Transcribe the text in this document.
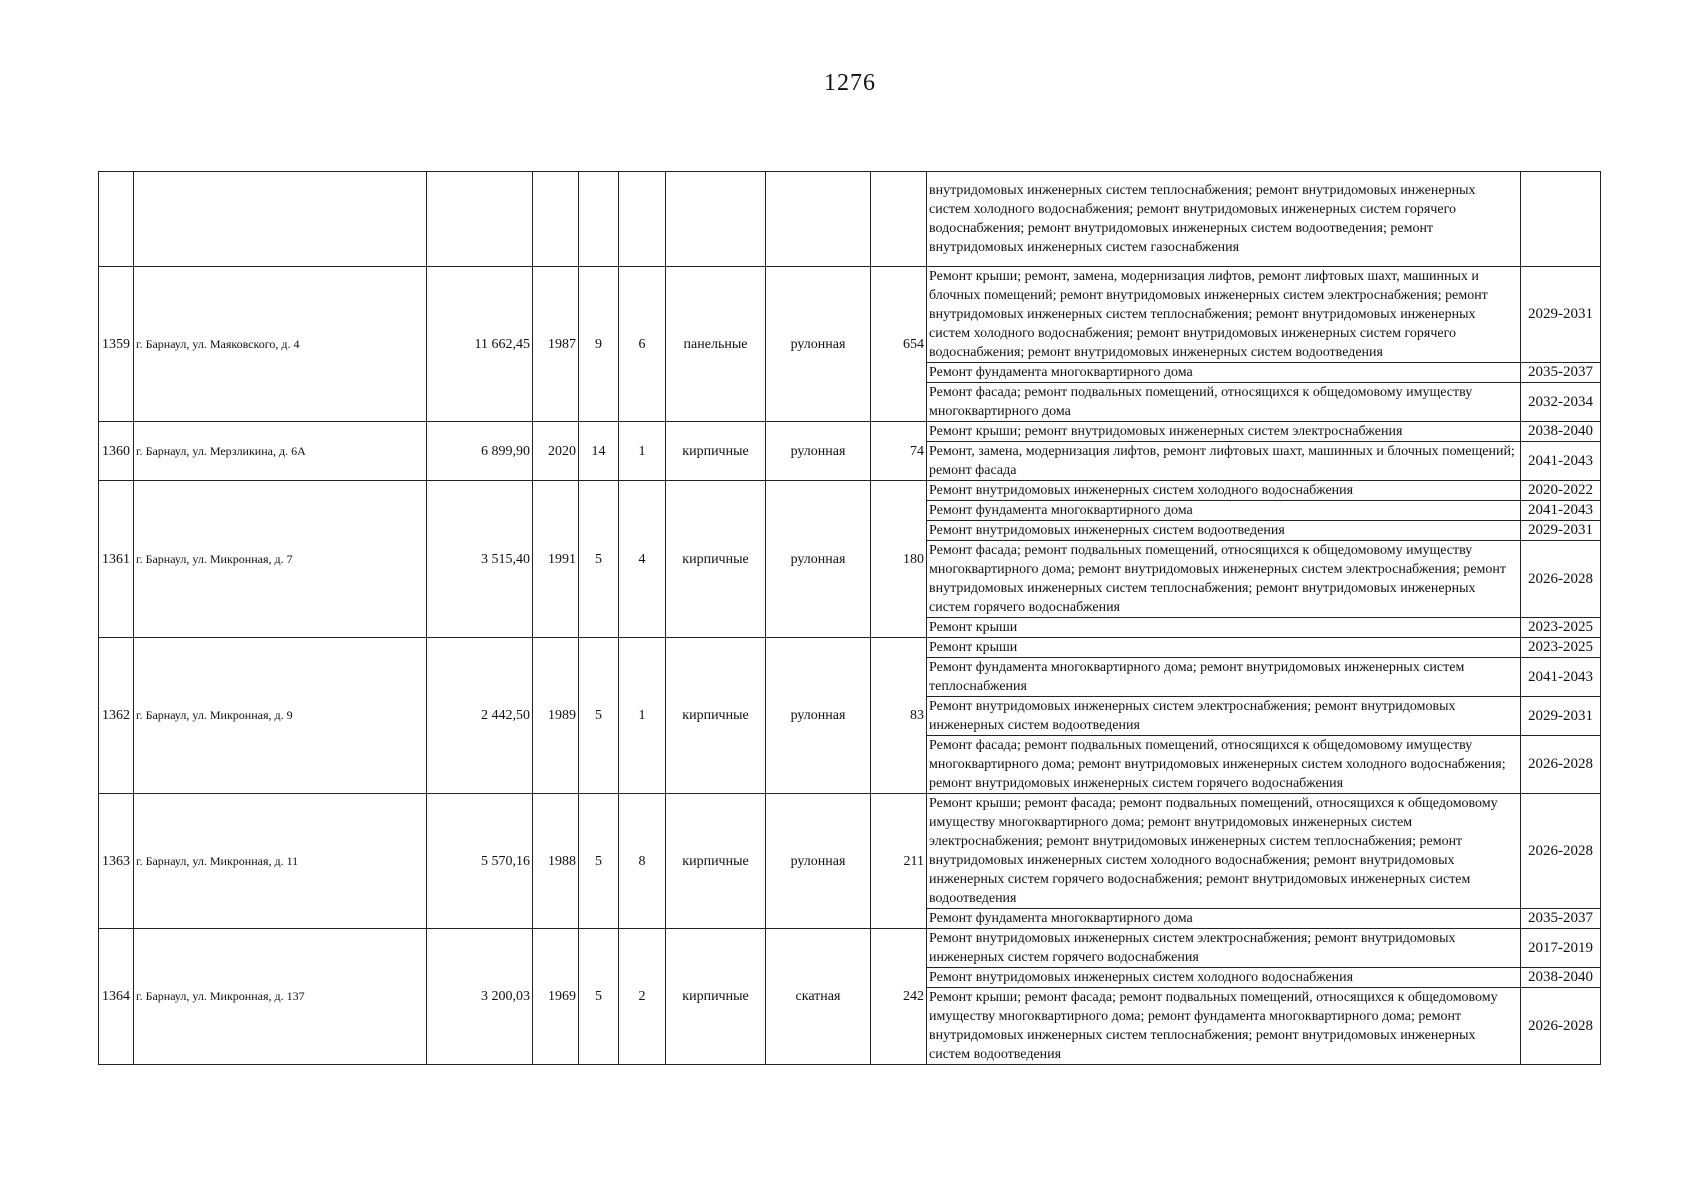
1276
									внутридомовых инженерных систем теплоснабжения; ремонт внутридомовых инженерных систем холодного водоснабжения; ремонт внутридомовых инженерных систем горячего водоснабжения; ремонт внутридомовых инженерных систем водоотведения; ремонт внутридомовых инженерных систем газоснабжения	
1359	г. Барнаул, ул. Маяковского, д. 4	11 662,45	1987	9	6	панельные	рулонная	654	Ремонт крыши; ремонт, замена, модернизация лифтов, ремонт лифтовых шахт, машинных и блочных помещений; ремонт внутридомовых инженерных систем электроснабжения; ремонт внутридомовых инженерных систем теплоснабжения; ремонт внутридомовых инженерных систем холодного водоснабжения; ремонт внутридомовых инженерных систем горячего водоснабжения; ремонт внутридомовых инженерных систем водоотведения	2029-2031
									Ремонт фундамента многоквартирного дома	2035-2037
									Ремонт фасада; ремонт подвальных помещений, относящихся к общедомовому имуществу многоквартирного дома	2032-2034
1360	г. Барнаул, ул. Мерзликина, д. 6А	6 899,90	2020	14	1	кирпичные	рулонная	74	Ремонт крыши; ремонт внутридомовых инженерных систем электроснабжения	2038-2040
									Ремонт, замена, модернизация лифтов, ремонт лифтовых шахт, машинных и блочных помещений; ремонт фасада	2041-2043
1361	г. Барнаул, ул. Микронная, д. 7	3 515,40	1991	5	4	кирпичные	рулонная	180	Ремонт внутридомовых инженерных систем холодного водоснабжения	2020-2022
									Ремонт фундамента многоквартирного дома	2041-2043
									Ремонт внутридомовых инженерных систем водоотведения	2029-2031
									Ремонт фасада; ремонт подвальных помещений, относящихся к общедомовому имуществу многоквартирного дома; ремонт внутридомовых инженерных систем электроснабжения; ремонт внутридомовых инженерных систем теплоснабжения; ремонт внутридомовых инженерных систем горячего водоснабжения	2026-2028
									Ремонт крыши	2023-2025
1362	г. Барнаул, ул. Микронная, д. 9	2 442,50	1989	5	1	кирпичные	рулонная	83	Ремонт крыши	2023-2025
									Ремонт фундамента многоквартирного дома; ремонт внутридомовых инженерных систем теплоснабжения	2041-2043
									Ремонт внутридомовых инженерных систем электроснабжения; ремонт внутридомовых инженерных систем водоотведения	2029-2031
									Ремонт фасада; ремонт подвальных помещений, относящихся к общедомовому имуществу многоквартирного дома; ремонт внутридомовых инженерных систем холодного водоснабжения; ремонт внутридомовых инженерных систем горячего водоснабжения	2026-2028
1363	г. Барнаул, ул. Микронная, д. 11	5 570,16	1988	5	8	кирпичные	рулонная	211	Ремонт крыши; ремонт фасада; ремонт подвальных помещений, относящихся к общедомовому имуществу многоквартирного дома; ремонт внутридомовых инженерных систем электроснабжения; ремонт внутридомовых инженерных систем теплоснабжения; ремонт внутридомовых инженерных систем холодного водоснабжения; ремонт внутридомовых инженерных систем горячего водоснабжения; ремонт внутридомовых инженерных систем водоотведения	2026-2028
									Ремонт фундамента многоквартирного дома	2035-2037
1364	г. Барнаул, ул. Микронная, д. 137	3 200,03	1969	5	2	кирпичные	скатная	242	Ремонт внутридомовых инженерных систем электроснабжения; ремонт внутридомовых инженерных систем горячего водоснабжения	2017-2019
									Ремонт внутридомовых инженерных систем холодного водоснабжения	2038-2040
									Ремонт крыши; ремонт фасада; ремонт подвальных помещений, относящихся к общедомовому имуществу многоквартирного дома; ремонт фундамента многоквартирного дома; ремонт внутридомовых инженерных систем теплоснабжения; ремонт внутридомовых инженерных систем водоотведения	2026-2028
